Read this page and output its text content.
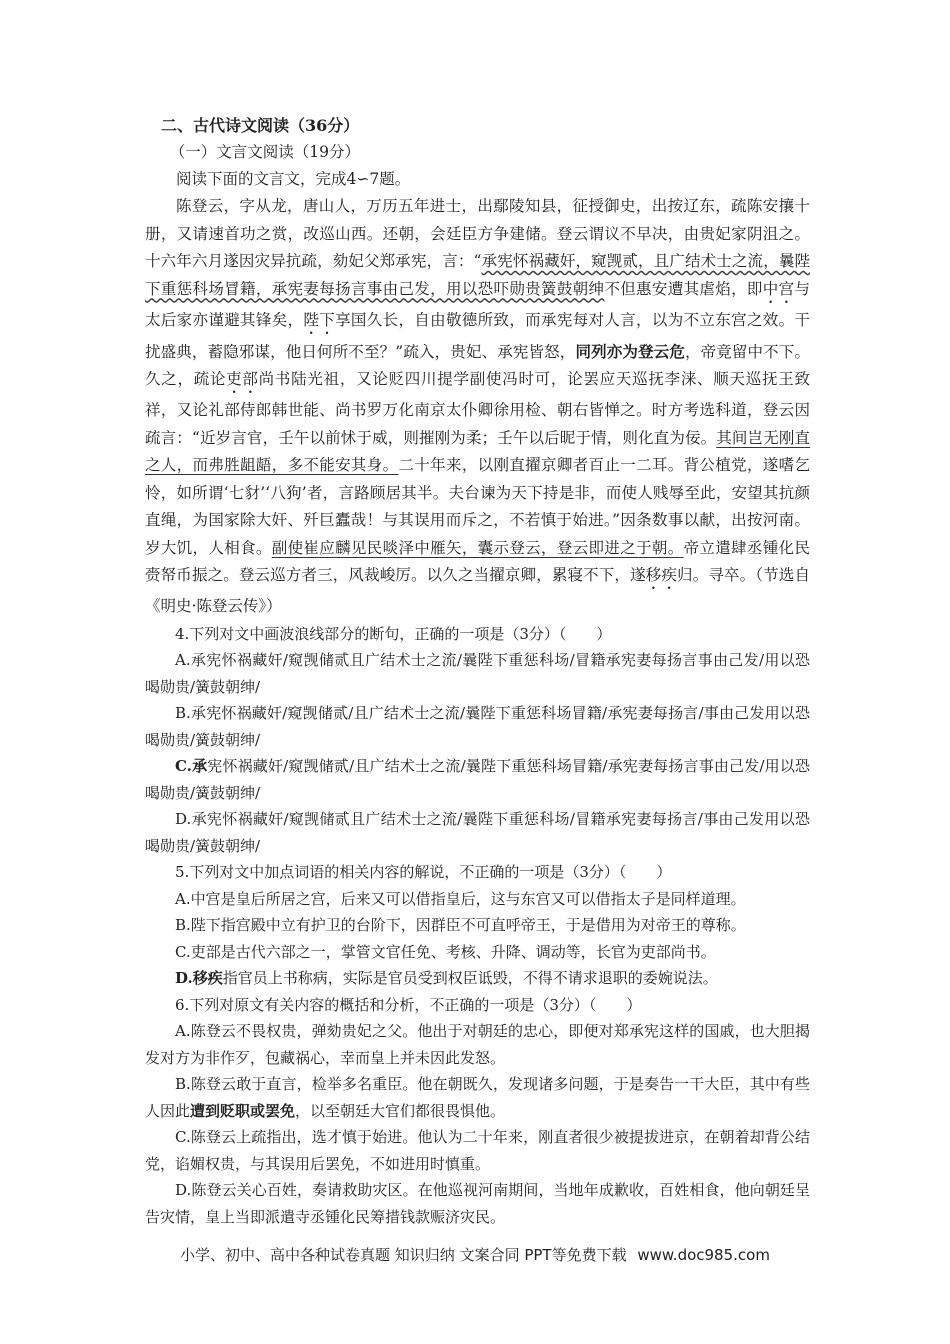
二、古代诗文阅读（36分）

（一）文言文阅读（19分）

阅读下面的文言文，完成4∽7题。

陈登云，字从龙，唐山人，万历五年进士，出鄢陵知县，征授御史，出按辽东，疏陈安攘十册，又请速首功之赏，改巡山西。还朝，会廷臣方争建储。登云谓议不早决，由贵妃家阴沮之。十六年六月遂因灾异抗疏，劾妃父郑承宪，言：“承宪怀祸藏奸，窥觊贰，且广结术士之流，曩陛下重惩科场冒籍，承宪妻每扬言事由己发，用以恐吓勋贵簧鼓朝绅不但惠安遭其虐焰，即中宫与太后家亦谨避其锋矣，陛下享国久长，自由敬德所致，而承宪每对人言，以为不立东宫之效。干扰盛典，蓄隐邪谋，他日何所不至？”疏入，贵妃、承宪皆怒，同列亦为登云危，帝竟留中不下。久之，疏论吏部尚书陆光祖，又论贬四川提学副使冯时可，论罢应天巡抚李涞、顺天巡抚王致祥，又论礼部侍郎韩世能、尚书罗万化南京太仆卿徐用检、朝右皆惮之。时方考选科道，登云因疏言：“近岁言官，壬午以前怵于威，则摧刚为柔；壬午以后昵于情，则化直为佞。其间岂无刚直之人，而弗胜龃龉，多不能安其身。二十年来，以刚直擢京卿者百止一二耳。背公植党，遂嗜乞怜，如所谓‘七豺’‘八狗’者，言路顾居其半。夫台谏为天下持是非，而使人贱辱至此，安望其抗颜直绳，为国家除大奸、歼巨蠹哉！与其误用而斥之，不若慎于始进。”因条数事以献，出按河南。岁大饥，人相食。副使崔应麟见民啖泽中雁矢，囊示登云，登云即进之于朝。帝立遣肆丞锺化民赍帑币振之。登云巡方者三，风裁峻厉。以久之当擢京卿，累寝不下，遂移疾归。寻卒。（节选自《明史·陈登云传》）

4.下列对文中画波浪线部分的断句，正确的一项是（3分）（　　）

A.承宪怀祸藏奸/窥觊储贰且广结术士之流/曩陛下重惩科场/冒籍承宪妻每扬言事由己发/用以恐喝勋贵/簧鼓朝绅/

B.承宪怀祸藏奸/窥觊储贰/且广结术士之流/曩陛下重惩科场冒籍/承宪妻每扬言/事由己发用以恐喝勋贵/簧鼓朝绅/

C.承宪怀祸藏奸/窥觊储贰/且广结术士之流/曩陛下重惩科场冒籍/承宪妻每扬言事由己发/用以恐喝勋贵/簧鼓朝绅/

D.承宪怀祸藏奸/窥觊储贰且广结术士之流/曩陛下重惩科场/冒籍承宪妻每扬言/事由己发用以恐喝勋贵/簧鼓朝绅/

5.下列对文中加点词语的相关内容的解说，不正确的一项是（3分）（　　）

A.中宫是皇后所居之宫，后来又可以借指皇后，这与东宫又可以借指太子是同样道理。

B.陛下指宫殿中立有护卫的台阶下，因群臣不可直呼帝王，于是借用为对帝王的尊称。

C.吏部是古代六部之一，掌管文官任免、考核、升降、调动等，长官为吏部尚书。

D.移疾指官员上书称病，实际是官员受到权臣诋毁，不得不请求退职的委婉说法。

6.下列对原文有关内容的概括和分析，不正确的一项是（3分）（　　）

A.陈登云不畏权贵，弹劾贵妃之父。他出于对朝廷的忠心，即便对郑承宪这样的国戚，也大胆揭发对方为非作歹，包藏祸心，幸而皇上并未因此发怒。

B.陈登云敢于直言，检举多名重臣。他在朝既久，发现诸多问题，于是奏告一干大臣，其中有些人因此遭到贬职或罢免，以至朝廷大官们都很畏惧他。

C.陈登云上疏指出，选才慎于始进。他认为二十年来，刚直者很少被提拔进京，在朝着却背公结党，谄媚权贵，与其误用后罢免，不如进用时慎重。

D.陈登云关心百姓，奏请救助灾区。在他巡视河南期间，当地年成歉收，百姓相食，他向朝廷呈告灾情，皇上当即派遣寺丞锺化民筹措钱款赈济灾民。

小学、初中、高中各种试卷真题 知识归纳 文案合同 PPT等免费下载 www.doc985.com
